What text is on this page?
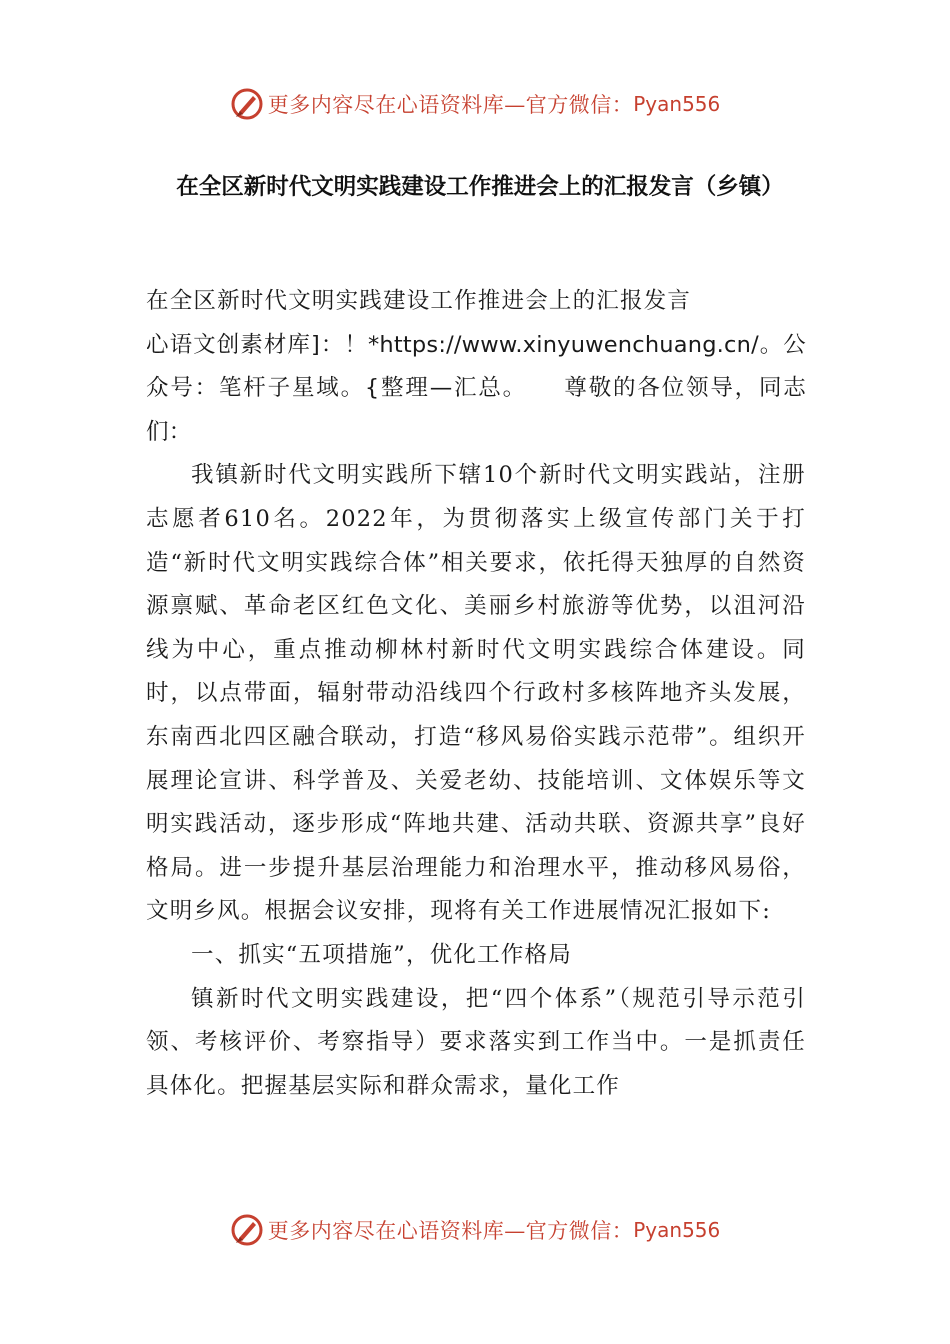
更多内容尽在心语资料库—官方微信： Pyan556
在全区新时代文明实践建设工作推进会上的汇报发言（乡镇）

在全区新时代文明实践建设工作推进会上的汇报发言

心语文创素材库]：！*https://www.xinyuwenchuang.cn/。公众号：笔杆子星域。{整理—汇总。　　尊敬的各位领导，同志们：

我镇新时代文明实践所下辖10个新时代文明实践站，注册志愿者610名。2022年，为贯彻落实上级宣传部门关于打造“新时代文明实践综合体”相关要求，依托得天独厚的自然资源禀赋、革命老区红色文化、美丽乡村旅游等优势，以沮河沿线为中心，重点推动柳林村新时代文明实践综合体建设。同时，以点带面，辐射带动沿线四个行政村多核阵地齐头发展，东南西北四区融合联动，打造“移风易俗实践示范带”。组织开展理论宣讲、科学普及、关爱老幼、技能培训、文体娱乐等文明实践活动，逐步形成“阵地共建、活动共联、资源共享”良好格局。进一步提升基层治理能力和治理水平，推动移风易俗，文明乡风。根据会议安排，现将有关工作进展情况汇报如下:

一、抓实“五项措施”，优化工作格局

镇新时代文明实践建设，把“四个体系”（规范引导示范引领、考核评价、考察指导）要求落实到工作当中。一是抓责任具体化。把握基层实际和群众需求，量化工作

更多内容尽在心语资料库—官方微信： Pyan556
